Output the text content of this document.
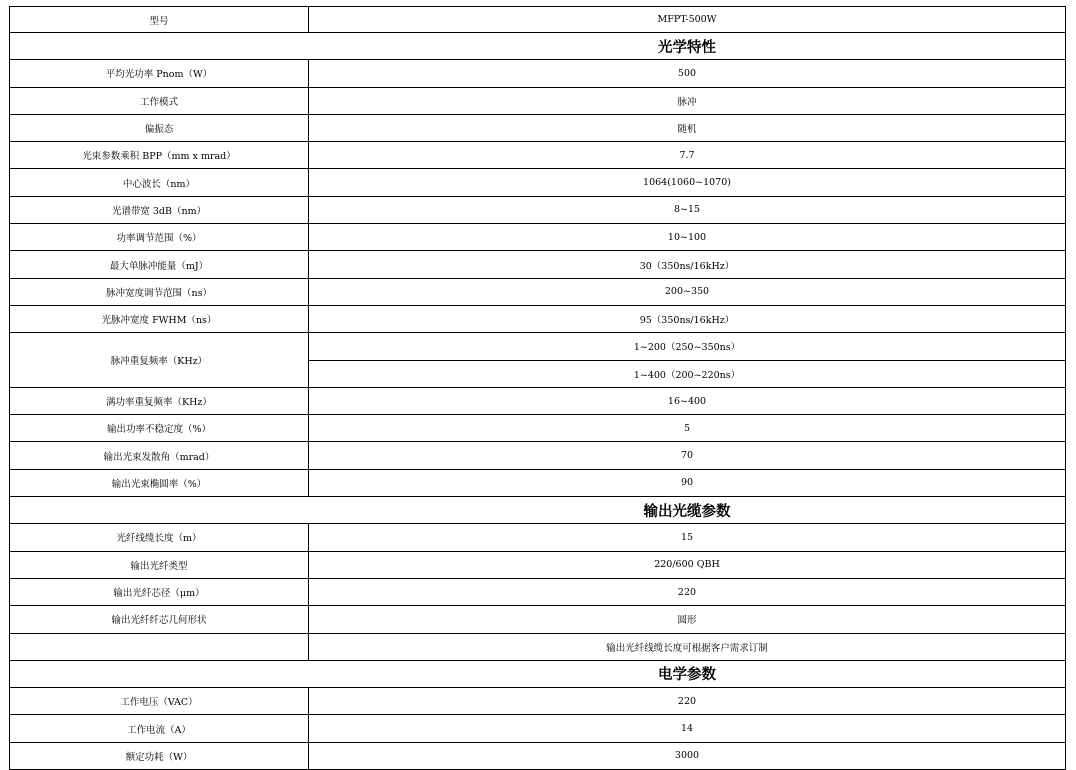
型号	MFPT-500W
光学特性	
平均光功率 Pnom（W）	500
工作模式	脉冲
偏振态	随机
光束参数乘积 BPP（mm x mrad）	7.7
中心波长（nm）	1064(1060~1070)
光谱带宽 3dB（nm）	8~15
功率调节范围（%）	10~100
最大单脉冲能量（mJ）	30（350ns/16kHz）
脉冲宽度调节范围（ns）	200~350
光脉冲宽度 FWHM（ns）	95（350ns/16kHz）
脉冲重复频率（KHz）	1~200（250~350ns）
	1~400（200~220ns）
满功率重复频率（KHz）	16~400
输出功率不稳定度（%）	5
输出光束发散角（mrad）	70
输出光束椭圆率（%）	90
输出光缆参数	
光纤线缆长度（m）	15
输出光纤类型	220/600 QBH
输出光纤芯径（μm）	220
输出光纤纤芯几何形状	圆形
	输出光纤线缆长度可根据客户需求订制
电学参数	
工作电压（VAC）	220
工作电流（A）	14
额定功耗（W）	3000
